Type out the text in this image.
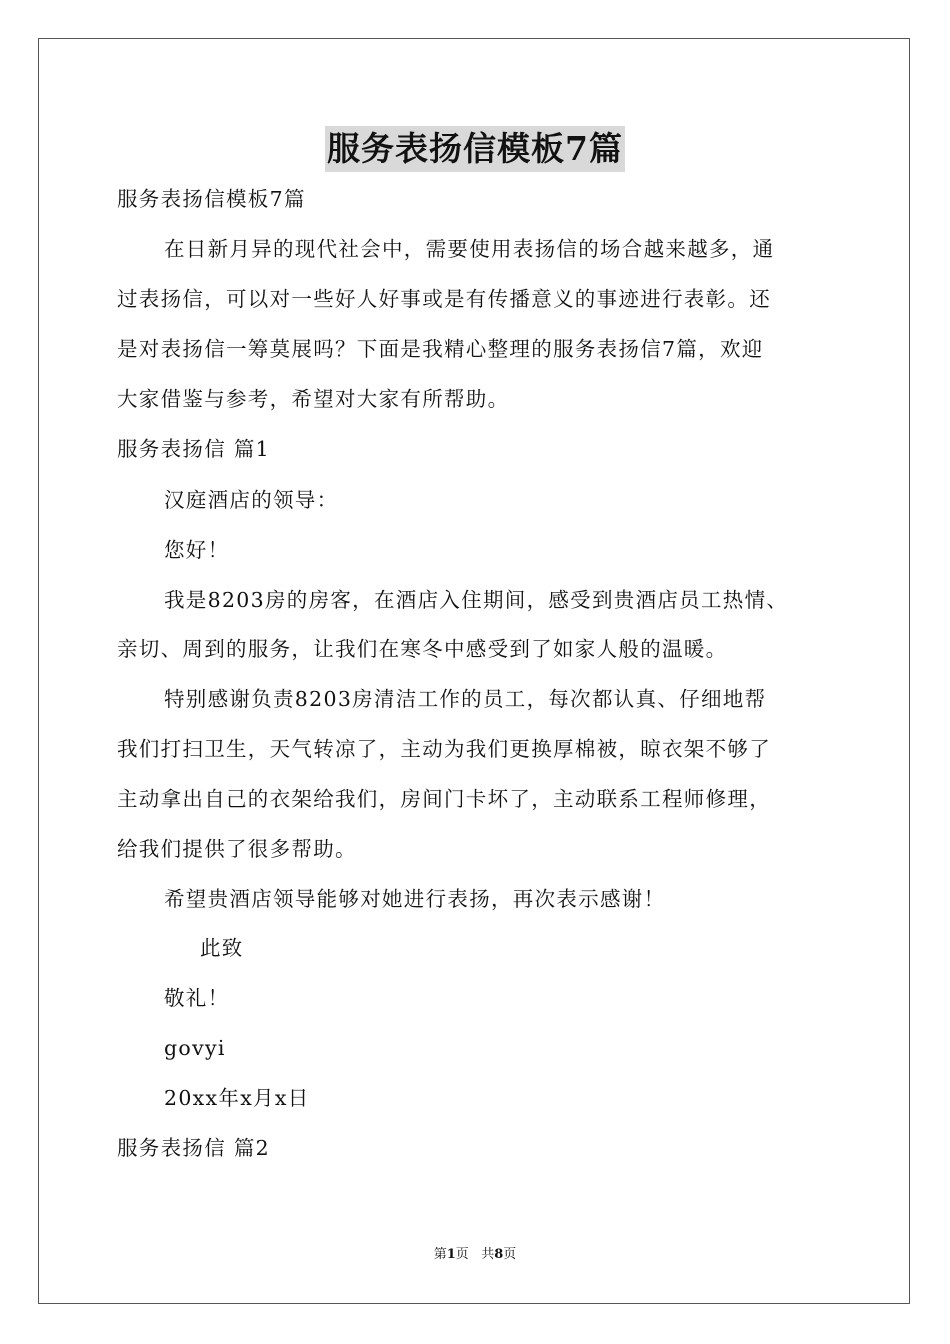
服务表扬信模板7篇
服务表扬信模板7篇
在日新月异的现代社会中，需要使用表扬信的场合越来越多，通
过表扬信，可以对一些好人好事或是有传播意义的事迹进行表彰。还
是对表扬信一筹莫展吗？下面是我精心整理的服务表扬信7篇，欢迎
大家借鉴与参考，希望对大家有所帮助。
服务表扬信 篇1
汉庭酒店的领导：
您好！
我是8203房的房客，在酒店入住期间，感受到贵酒店员工热情、
亲切、周到的服务，让我们在寒冬中感受到了如家人般的温暖。
特别感谢负责8203房清洁工作的员工，每次都认真、仔细地帮
我们打扫卫生，天气转凉了，主动为我们更换厚棉被，晾衣架不够了
主动拿出自己的衣架给我们，房间门卡坏了，主动联系工程师修理，
给我们提供了很多帮助。
希望贵酒店领导能够对她进行表扬，再次表示感谢！
此致
敬礼！
govyi
20xx年x月x日
服务表扬信 篇2
第1页   共8页
